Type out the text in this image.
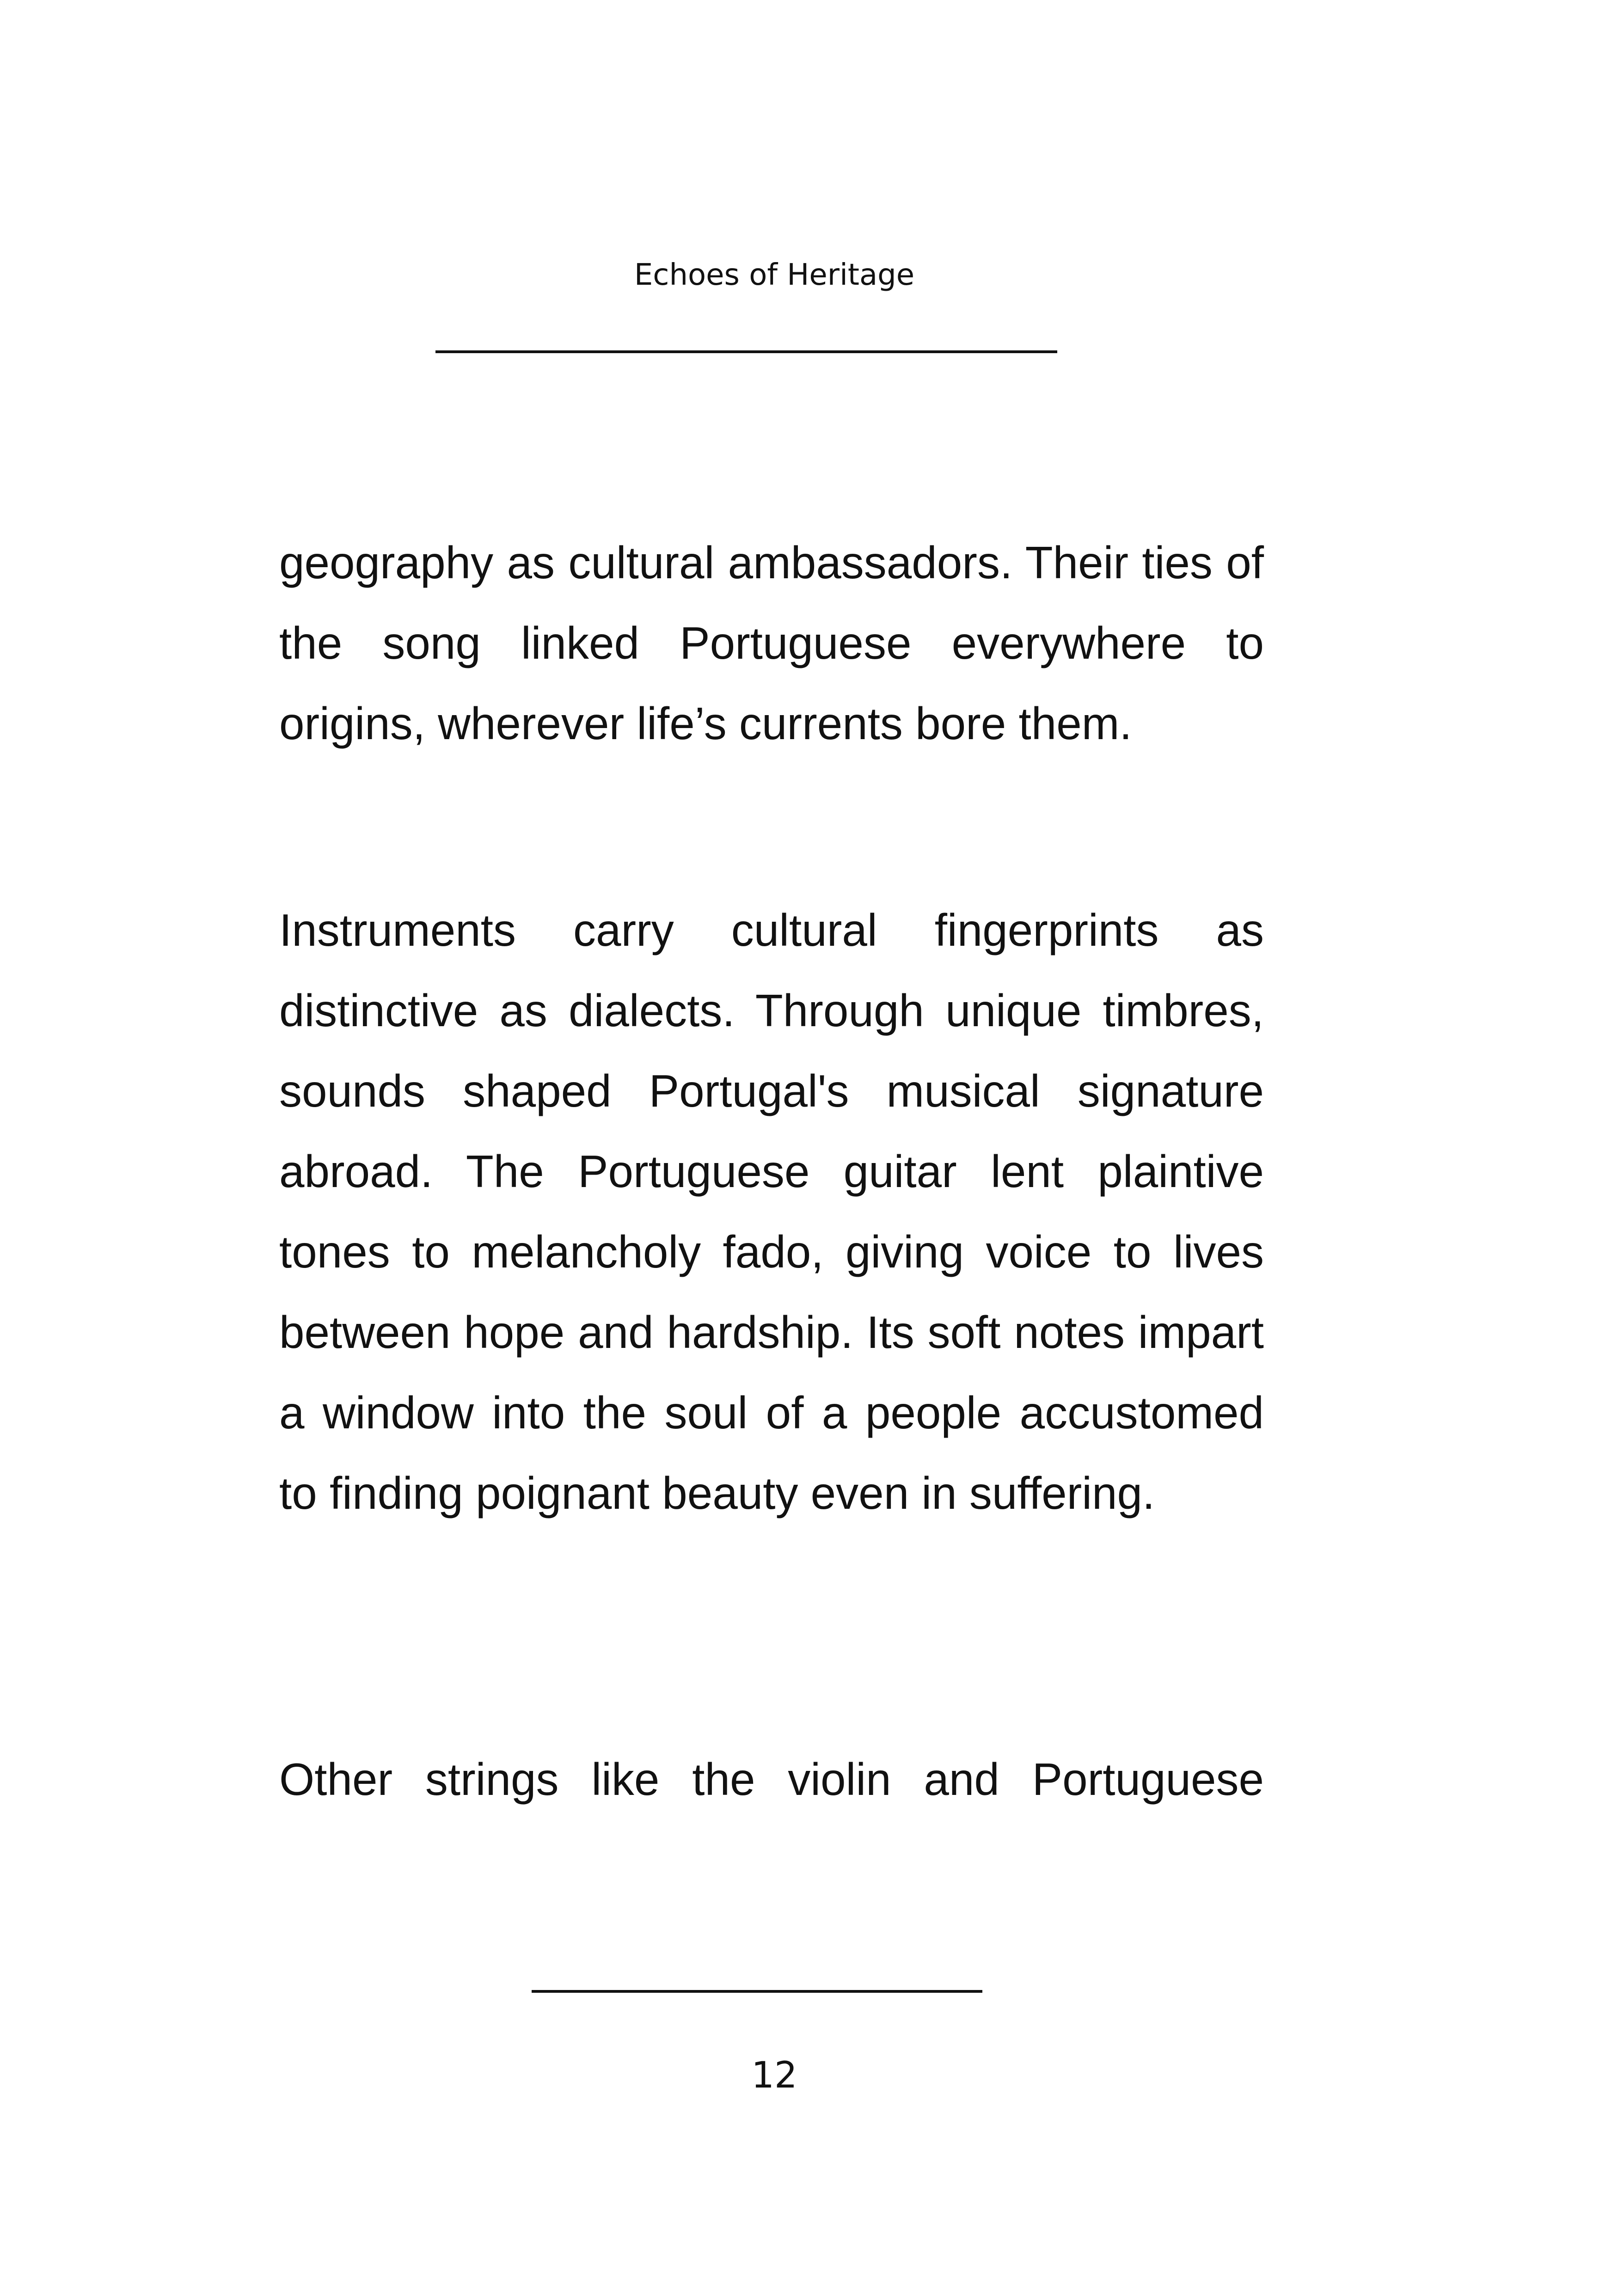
Echoes of Heritage

geography as cultural ambassadors. Their ties of the song linked Portuguese everywhere to origins, wherever life’s currents bore them.

Instruments carry cultural fingerprints as distinctive as dialects. Through unique timbres, sounds shaped Portugal's musical signature abroad. The Portuguese guitar lent plaintive tones to melancholy fado, giving voice to lives between hope and hardship. Its soft notes impart a window into the soul of a people accustomed to finding poignant beauty even in suffering.

Other strings like the violin and Portuguese

12
